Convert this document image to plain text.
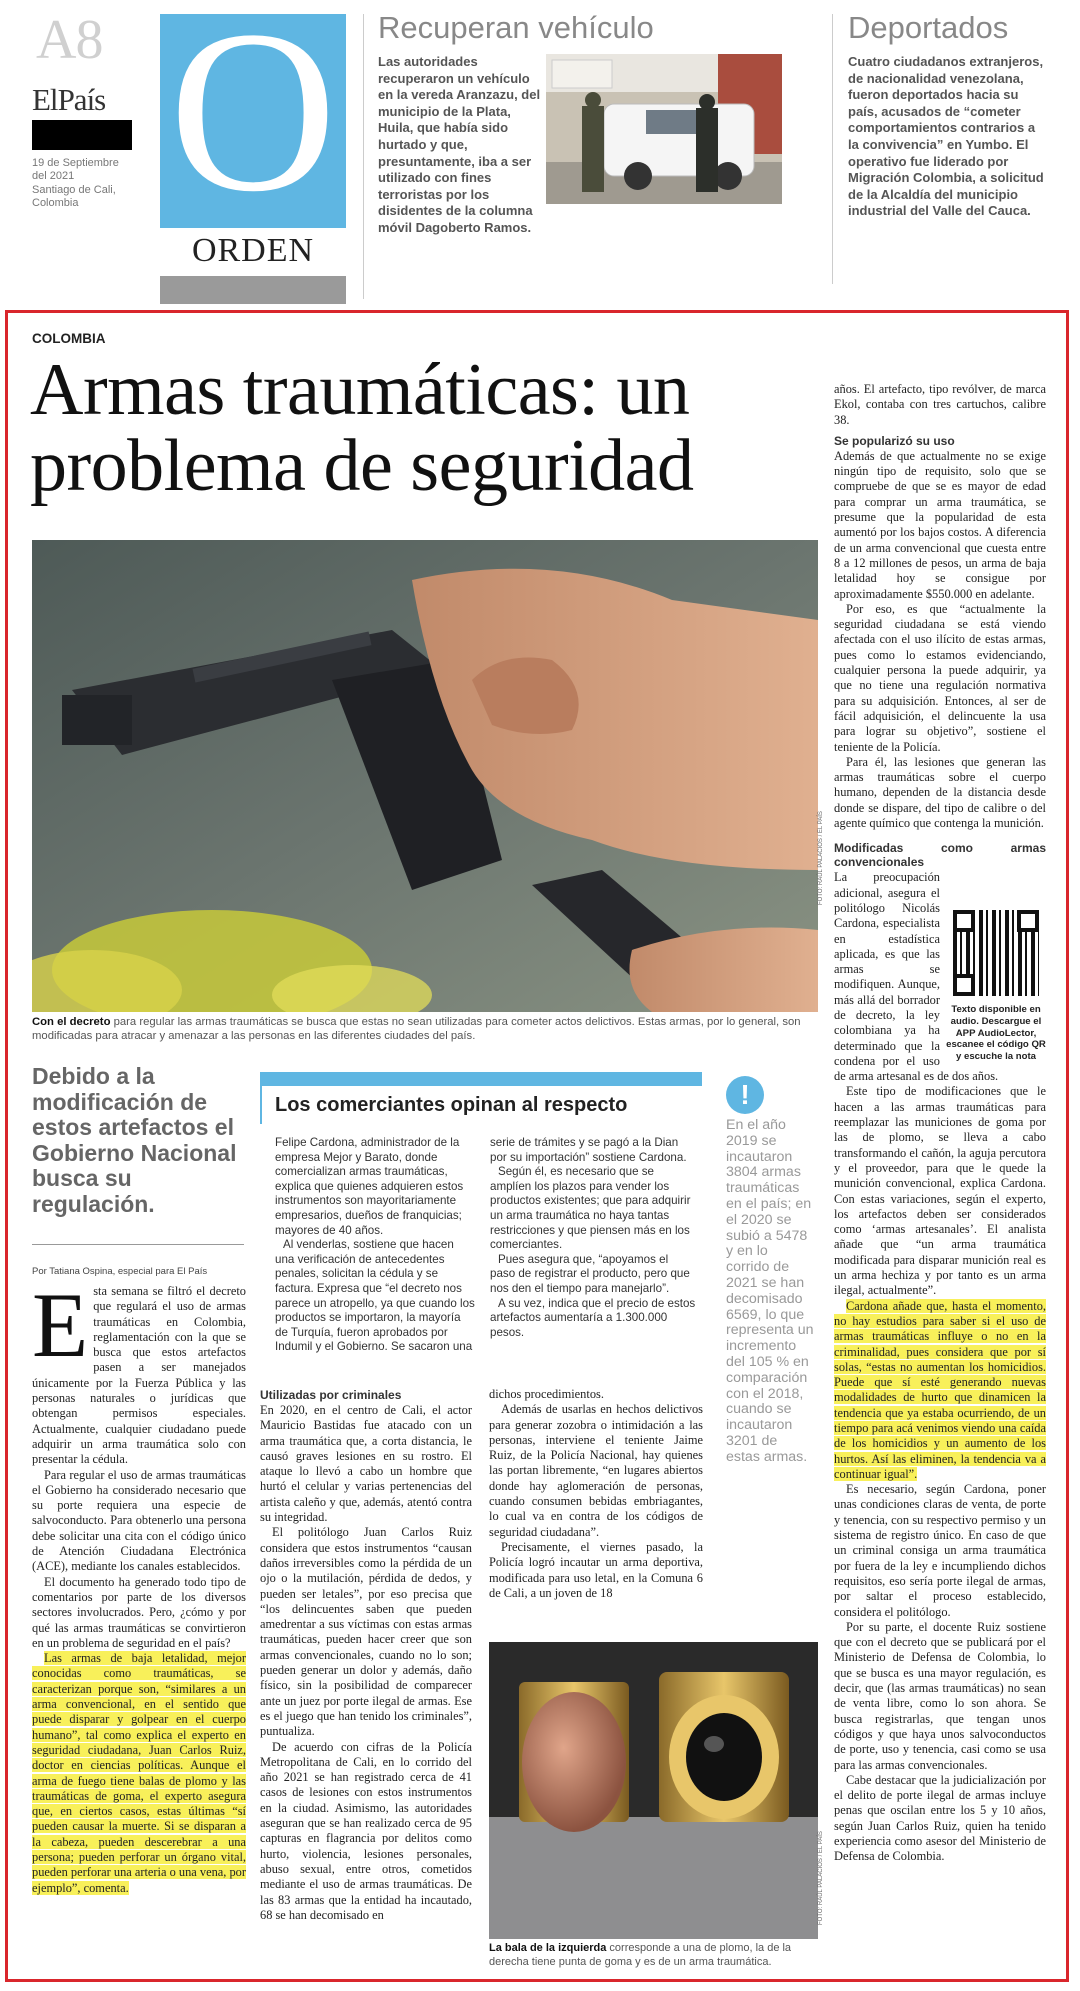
A8
ElPaís
19 de Septiembre del 2021
Santiago de Cali, Colombia O
ORDEN
Recuperan vehículo
Las autoridades recuperaron un vehículo en la vereda Aranzazu, del municipio de la Plata, Huila, que había sido hurtado y que, presuntamente, iba a ser utilizado con fines terroristas por los disidentes de la columna móvil Dagoberto Ramos.
Deportados
Cuatro ciudadanos extranjeros, de nacionalidad venezolana, fueron deportados hacia su país, acusados de “cometer comportamientos contrarios a la convivencia” en Yumbo. El operativo fue liderado por Migración Colombia, a solicitud de la Alcaldía del municipio industrial del Valle del Cauca.
COLOMBIA
Armas traumáticas: un problema de seguridad
FOTO: RAÚL PALACIOS / EL PAÍS
Con el decreto para regular las armas traumáticas se busca que estas no sean utilizadas para cometer actos delictivos. Estas armas, por lo general, son modificadas para atracar y amenazar a las personas en las diferentes ciudades del país.
Debido a la modificación de estos artefactos el Gobierno Nacional busca su regulación.
Por Tatiana Ospina, especial para El País
E sta semana se filtró el decreto que regulará el uso de armas traumáticas en Colombia, reglamentación con la que se busca que estos artefactos pasen a ser manejados únicamente por la Fuerza Pública y las personas naturales o jurídicas que obtengan permisos especiales. Actualmente, cualquier ciudadano puede adquirir un arma traumática solo con presentar la cédula.

Para regular el uso de armas traumáticas el Gobierno ha considerado necesario que su porte requiera una especie de salvoconducto. Para obtenerlo una persona debe solicitar una cita con el código único de Atención Ciudadana Electrónica (ACE), mediante los canales establecidos.

El documento ha generado todo tipo de comentarios por parte de los diversos sectores involucrados. Pero, ¿cómo y por qué las armas traumáticas se convirtieron en un problema de seguridad en el país?

Las armas de baja letalidad, mejor conocidas como traumáticas, se caracterizan porque son, “similares a un arma convencional, en el sentido que puede disparar y golpear en el cuerpo humano”, tal como explica el experto en seguridad ciudadana, Juan Carlos Ruiz, doctor en ciencias políticas. Aunque el arma de fuego tiene balas de plomo y las traumáticas de goma, el experto asegura que, en ciertos casos, estas últimas “sí pueden causar la muerte. Si se disparan a la cabeza, pueden descerebrar a una persona; pueden perforar un órgano vital, pueden perforar una arteria o una vena, por ejemplo”, comenta.

Los comerciantes opinan al respecto

Felipe Cardona, administrador de la empresa Mejor y Barato, donde comercializan armas traumáticas, explica que quienes adquieren estos instrumentos son mayoritariamente empresarios, dueños de franquicias; mayores de 40 años.

Al venderlas, sostiene que hacen una verificación de antecedentes penales, solicitan la cédula y se factura. Expresa que “el decreto nos parece un atropello, ya que cuando los productos se importaron, la mayoría de Turquía, fueron aprobados por Indumil y el Gobierno. Se sacaron una

serie de trámites y se pagó a la Dian por su importación” sostiene Cardona.

Según él, es necesario que se amplíen los plazos para vender los productos existentes; que para adquirir un arma traumática no haya tantas restricciones y que piensen más en los comerciantes.

Pues asegura que, “apoyamos el paso de registrar el producto, pero que nos den el tiempo para manejarlo”.

A su vez, indica que el precio de estos artefactos aumentaría a 1.300.000 pesos.

!
En el año 2019 se incautaron 3804 armas traumáticas en el país; en el 2020 se subió a 5478 y en lo corrido de 2021 se han decomisado 6569, lo que representa un incremento del 105 % en comparación con el 2018, cuando se incautaron 3201 de estas armas.
Utilizadas por criminales

En 2020, en el centro de Cali, el actor Mauricio Bastidas fue atacado con un arma traumática que, a corta distancia, le causó graves lesiones en su rostro. El ataque lo llevó a cabo un hombre que hurtó el celular y varias pertenencias del artista caleño y que, además, atentó contra su integridad.

El politólogo Juan Carlos Ruiz considera que estos instrumentos “causan daños irreversibles como la pérdida de un ojo o la mutilación, pérdida de dedos, y pueden ser letales”, por eso precisa que “los delincuentes saben que pueden amedrentar a sus víctimas con estas armas traumáticas, pueden hacer creer que son armas convencionales, cuando no lo son; pueden generar un dolor y además, daño físico, sin la posibilidad de comparecer ante un juez por porte ilegal de armas. Ese es el juego que han tenido los criminales”, puntualiza.

De acuerdo con cifras de la Policía Metropolitana de Cali, en lo corrido del año 2021 se han registrado cerca de 41 casos de lesiones con estos instrumentos en la ciudad. Asimismo, las autoridades aseguran que se han realizado cerca de 95 capturas en flagrancia por delitos como hurto, violencia, lesiones personales, abuso sexual, entre otros, cometidos mediante el uso de armas traumáticas. De las 83 armas que la entidad ha incautado, 68 se han decomisado en

dichos procedimientos.

Además de usarlas en hechos delictivos para generar zozobra o intimidación a las personas, interviene el teniente Jaime Ruiz, de la Policía Nacional, hay quienes las portan libremente, “en lugares abiertos donde hay aglomeración de personas, cuando consumen bebidas embriagantes, lo cual va en contra de los códigos de seguridad ciudadana”.

Precisamente, el viernes pasado, la Policía logró incautar un arma deportiva, modificada para uso letal, en la Comuna 6 de Cali, a un joven de 18

FOTO: RAÚL PALACIOS / EL PAÍS
La bala de la izquierda corresponde a una de plomo, la de la derecha tiene punta de goma y es de un arma traumática.

años. El artefacto, tipo revólver, de marca Ekol, contaba con tres cartuchos, calibre 38.

Se popularizó su uso

Además de que actualmente no se exige ningún tipo de requisito, solo que se compruebe de que se es mayor de edad para comprar un arma traumática, se presume que la popularidad de esta aumentó por los bajos costos. A diferencia de un arma convencional que cuesta entre 8 a 12 millones de pesos, un arma de baja letalidad hoy se consigue por aproximadamente $550.000 en adelante.

Por eso, es que “actualmente la seguridad ciudadana se está viendo afectada con el uso ilícito de estas armas, pues como lo estamos evidenciando, cualquier persona la puede adquirir, ya que no tiene una regulación normativa para su adquisición. Entonces, al ser de fácil adquisición, el delincuente la usa para lograr su objetivo”, sostiene el teniente de la Policía.

Para él, las lesiones que generan las armas traumáticas sobre el cuerpo humano, dependen de la distancia desde donde se dispare, del tipo de calibre o del agente químico que contenga la munición.

Modificadas como armas convencionales
Texto disponible en audio. Descargue el APP AudioLector, escanee el código QR y escuche la nota

La preocupación adicional, asegura el politólogo Nicolás Cardona, especialista en estadística aplicada, es que las armas se modifiquen. Aunque, más allá del borrador de decreto, la ley colombiana ya ha determinado que la condena por el uso de arma artesanal es de dos años.

Este tipo de modificaciones que le hacen a las armas traumáticas para reemplazar las municiones de goma por las de plomo, se lleva a cabo transformando el cañón, la aguja percutora y el proveedor, para que le quede la munición convencional, explica Cardona. Con estas variaciones, según el experto, los artefactos deben ser considerados como ‘armas artesanales’. El analista añade que “un arma traumática modificada para disparar munición real es un arma hechiza y por tanto es un arma ilegal, actualmente”.

Cardona añade que, hasta el momento, no hay estudios para saber si el uso de armas traumáticas influye o no en la criminalidad, pues considera que por sí solas, “estas no aumentan los homicidios. Puede que sí esté generando nuevas modalidades de hurto que dinamicen la tendencia que ya estaba ocurriendo, de un tiempo para acá venimos viendo una caída de los homicidios y un aumento de los hurtos. Así las eliminen, la tendencia va a continuar igual”.

Es necesario, según Cardona, poner unas condiciones claras de venta, de porte y tenencia, con su respectivo permiso y un sistema de registro único. En caso de que un criminal consiga un arma traumática por fuera de la ley e incumpliendo dichos requisitos, eso sería porte ilegal de armas, por saltar el proceso establecido, considera el politólogo.

Por su parte, el docente Ruiz sostiene que con el decreto que se publicará por el Ministerio de Defensa de Colombia, lo que se busca es una mayor regulación, es decir, que (las armas traumáticas) no sean de venta libre, como lo son ahora. Se busca registrarlas, que tengan unos códigos y que haya unos salvoconductos de porte, uso y tenencia, casi como se usa para las armas convencionales.

Cabe destacar que la judicialización por el delito de porte ilegal de armas incluye penas que oscilan entre los 5 y 10 años, según Juan Carlos Ruiz, quien ha tenido experiencia como asesor del Ministerio de Defensa de Colombia.
